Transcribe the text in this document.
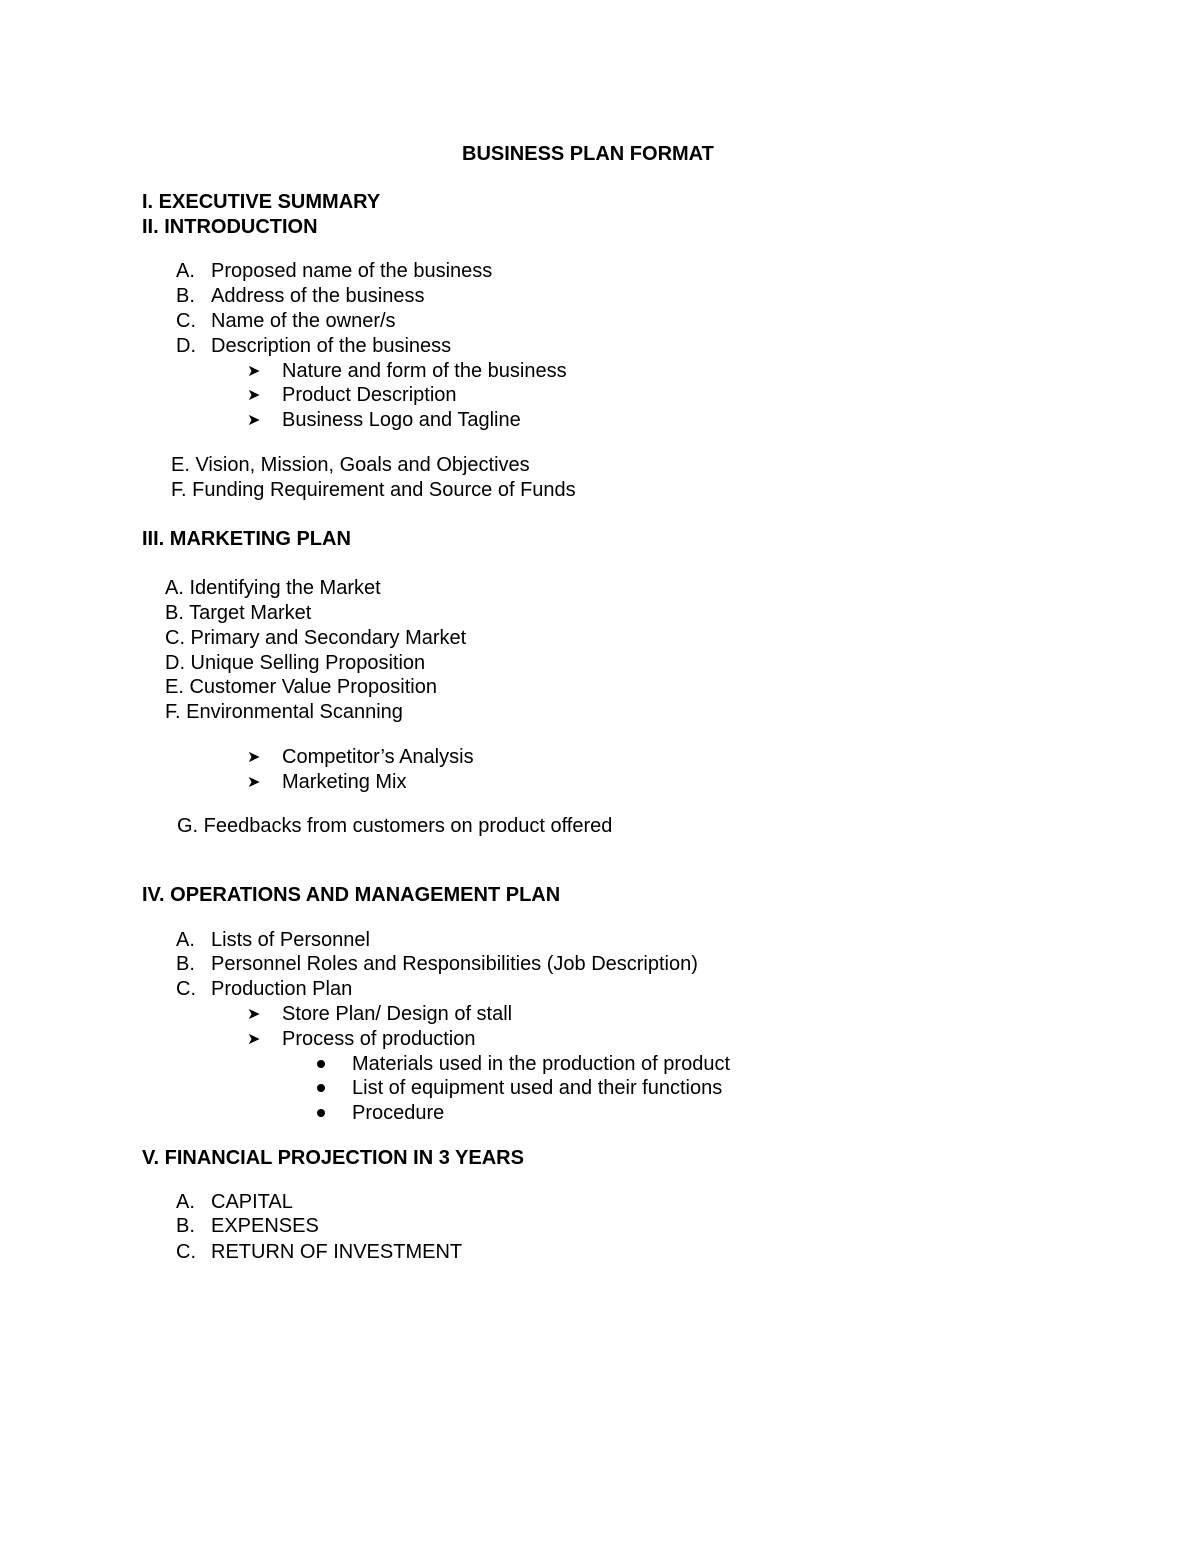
BUSINESS PLAN FORMAT
I. EXECUTIVE SUMMARY
II. INTRODUCTION
A. Proposed name of the business
B. Address of the business
C. Name of the owner/s
D. Description of the business
➤ Nature and form of the business
➤ Product Description
➤ Business Logo and Tagline
E. Vision, Mission, Goals and Objectives
F. Funding Requirement and Source of Funds
III. MARKETING PLAN
A. Identifying the Market
B. Target Market
C. Primary and Secondary Market
D. Unique Selling Proposition
E. Customer Value Proposition
F. Environmental Scanning
➤ Competitor’s Analysis
➤ Marketing Mix
G. Feedbacks from customers on product offered
IV. OPERATIONS AND MANAGEMENT PLAN
A. Lists of Personnel
B. Personnel Roles and Responsibilities (Job Description)
C. Production Plan
➤ Store Plan/ Design of stall
➤ Process of production
Materials used in the production of product
List of equipment used and their functions
Procedure
V. FINANCIAL PROJECTION IN 3 YEARS
A. CAPITAL
B. EXPENSES
C. RETURN OF INVESTMENT
